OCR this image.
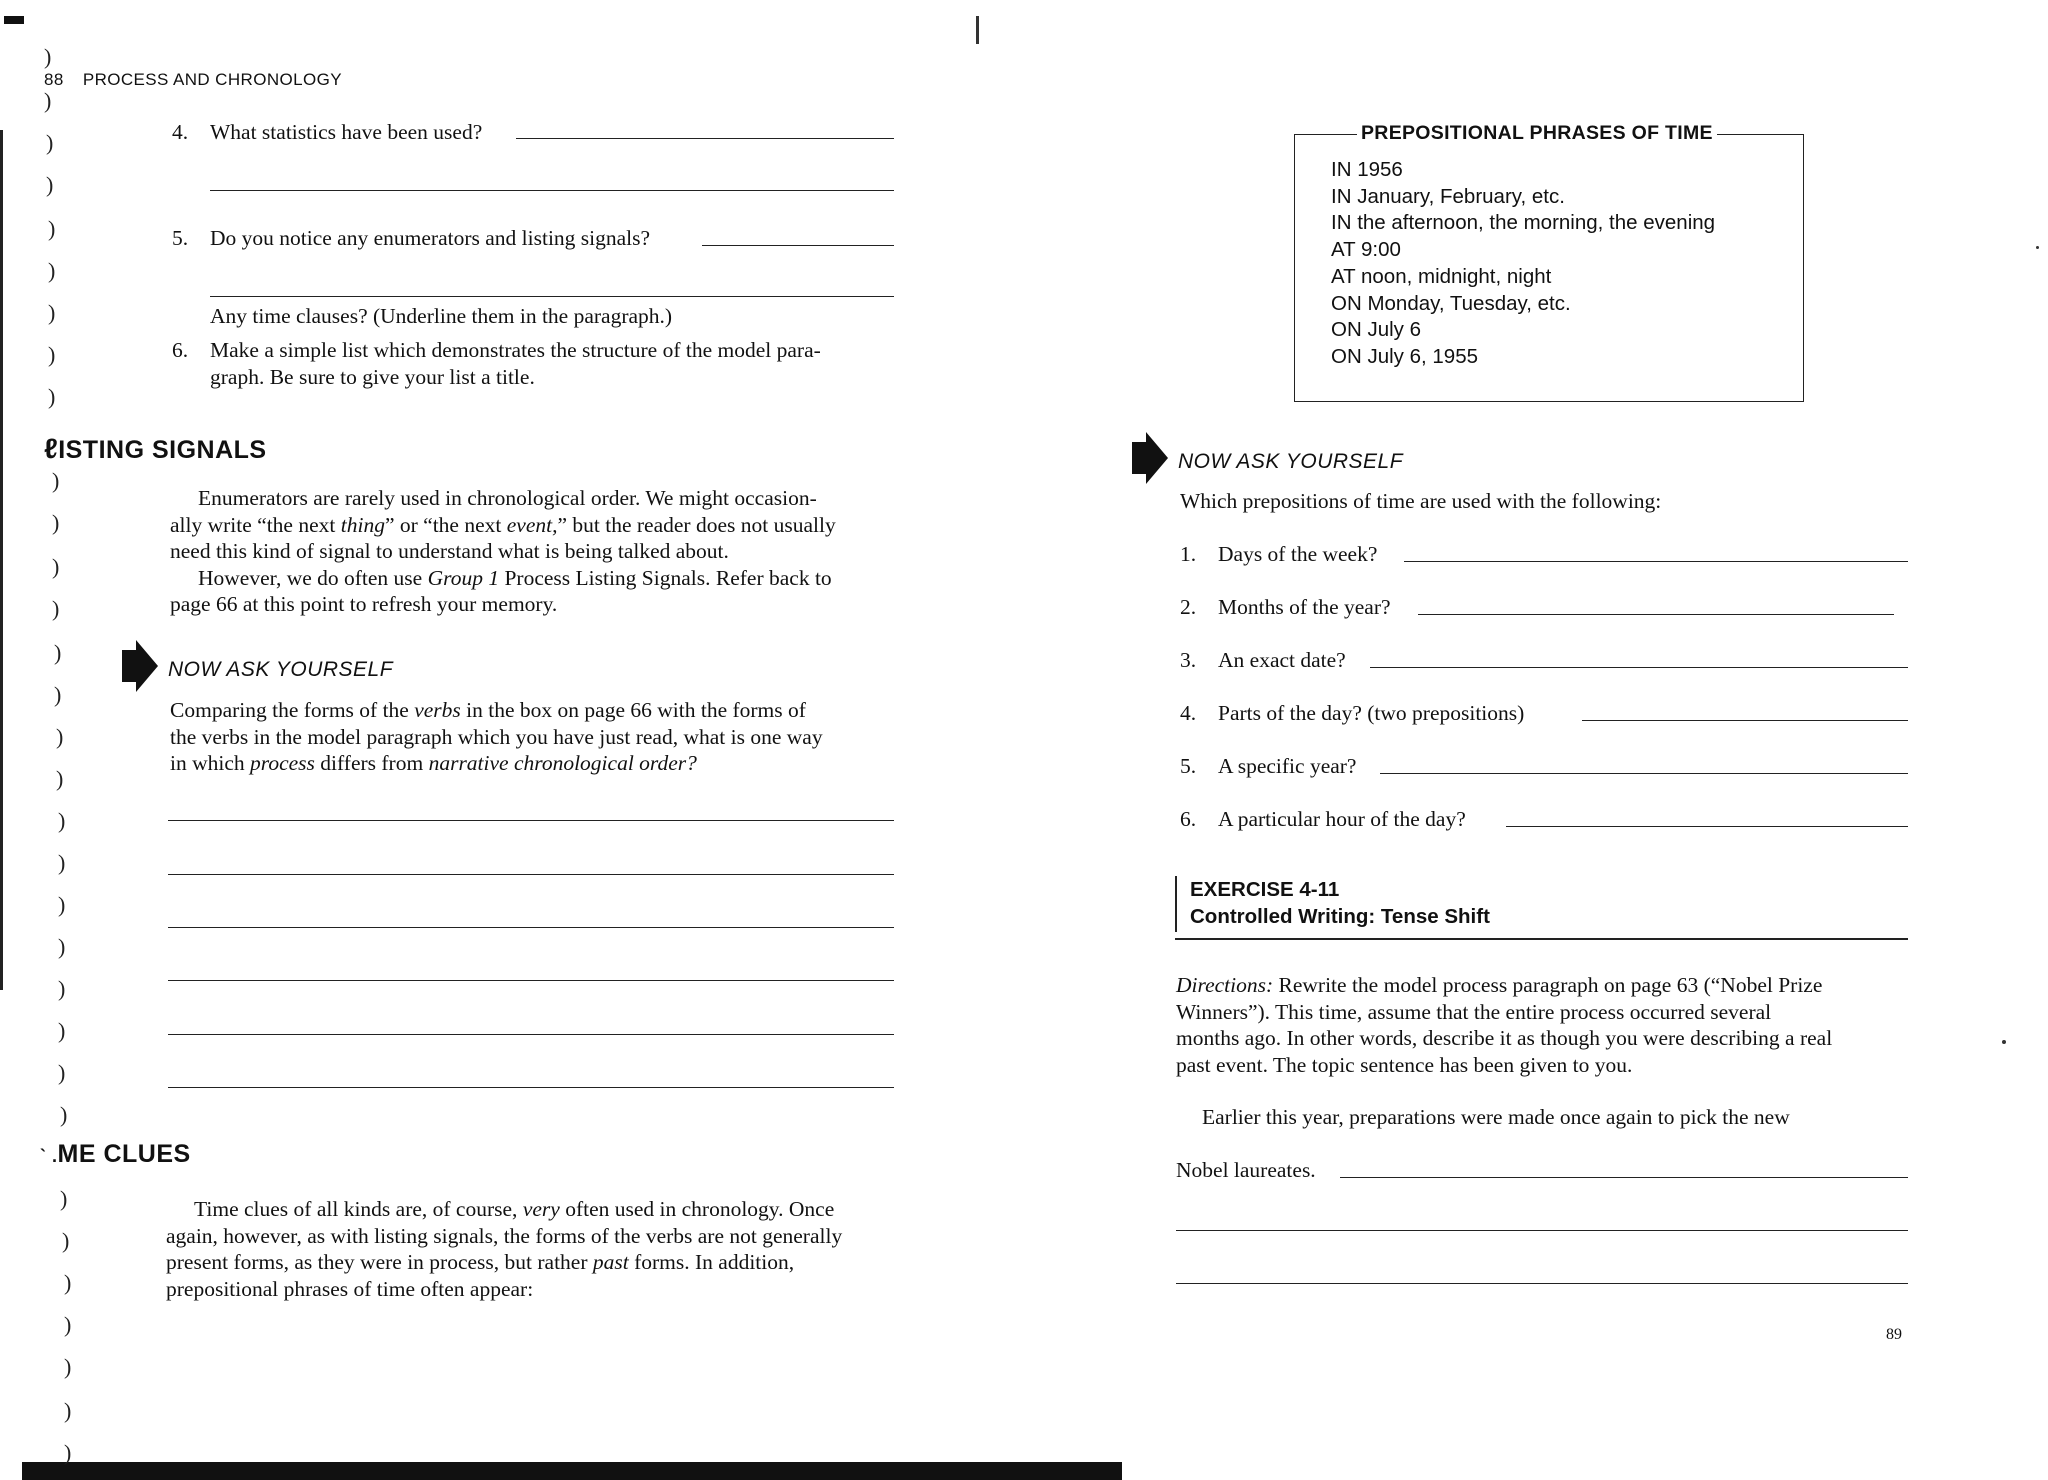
)
)
)
)
)
)
)
)
)
)
)
)
)
)
)
)
)
)
)
)
)
)
)
)
)
)
)
)
)
)
)
)
88 PROCESS AND CHRONOLOGY
4. What statistics have been used?
5. Do you notice any enumerators and listing signals?
Any time clauses? (Underline them in the paragraph.)
6. Make a simple list which demonstrates the structure of the model para-
graph. Be sure to give your list a title.
ℓISTING SIGNALS
Enumerators are rarely used in chronological order. We might occasion-
ally write “the next thing” or “the next event,” but the reader does not usually
need this kind of signal to understand what is being talked about.
However, we do often use Group 1 Process Listing Signals. Refer back to
page 66 at this point to refresh your memory.
NOW ASK YOURSELF
Comparing the forms of the verbs in the box on page 66 with the forms of
the verbs in the model paragraph which you have just read, what is one way
in which process differs from narrative chronological order?
` .ME CLUES
Time clues of all kinds are, of course, very often used in chronology. Once
again, however, as with listing signals, the forms of the verbs are not generally
present forms, as they were in process, but rather past forms. In addition,
prepositional phrases of time often appear:
PREPOSITIONAL PHRASES OF TIME
IN 1956
IN January, February, etc.
IN the afternoon, the morning, the evening
AT 9:00
AT noon, midnight, night
ON Monday, Tuesday, etc.
ON July 6
ON July 6, 1955
NOW ASK YOURSELF
Which prepositions of time are used with the following:
1. Days of the week?
2. Months of the year?
3. An exact date?
4. Parts of the day? (two prepositions)
5. A specific year?
6. A particular hour of the day?
EXERCISE 4-11
Controlled Writing: Tense Shift
Directions: Rewrite the model process paragraph on page 63 (“Nobel Prize
Winners”). This time, assume that the entire process occurred several
months ago. In other words, describe it as though you were describing a real
past event. The topic sentence has been given to you.
Earlier this year, preparations were made once again to pick the new
Nobel laureates.
89
